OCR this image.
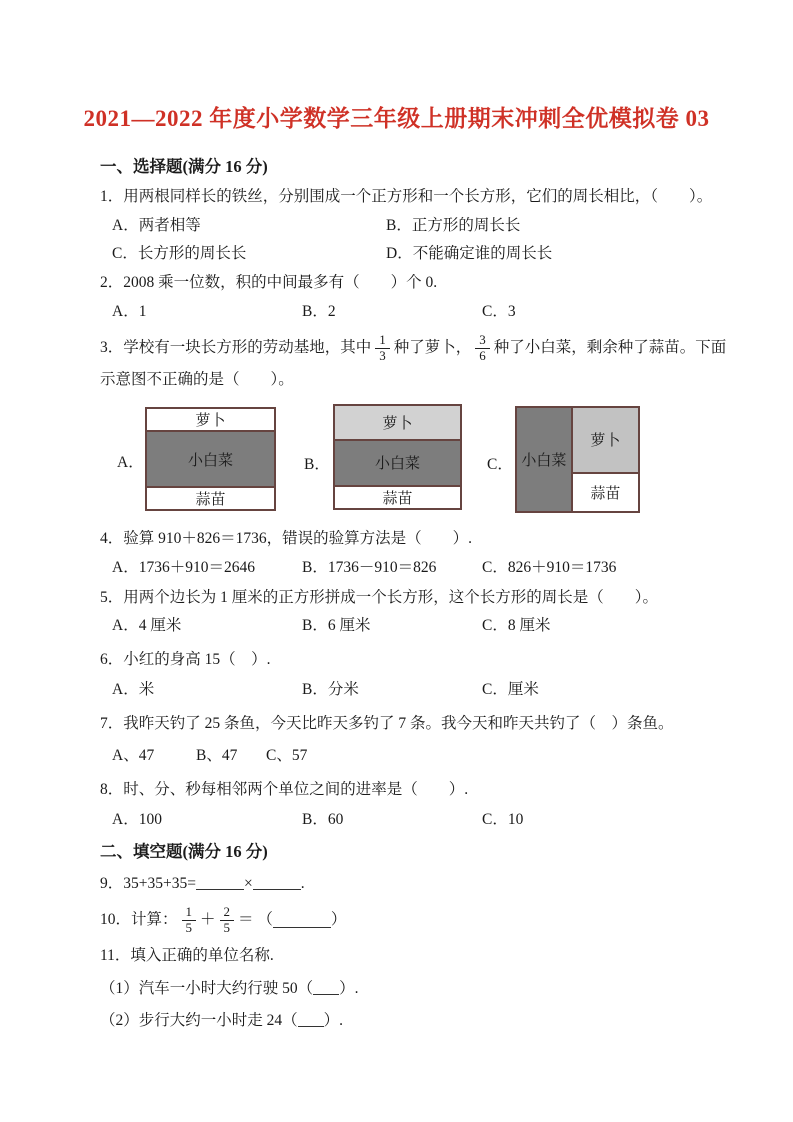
2021—2022 年度小学数学三年级上册期末冲刺全优模拟卷 03
一、选择题(满分 16 分)
1．用两根同样长的铁丝，分别围成一个正方形和一个长方形，它们的周长相比，（　　）。
A．两者相等	B．正方形的周长长
C．长方形的周长长	D．不能确定谁的周长长
2．2008 乘一位数，积的中间最多有（　　）个 0.
A．1	B．2	C．3
3．学校有一块长方形的劳动基地，其中 $\frac{1}{3}$ 种了萝卜， $\frac{3}{6}$ 种了小白菜，剩余种了蒜苗。下面
示意图不正确的是（　　）。
A．
萝卜
小白菜
蒜苗
B．
萝卜
小白菜
蒜苗
C． 小白菜
萝卜
蒜苗
4．验算 910＋826＝1736，错误的验算方法是（　　）.
A．1736＋910＝2646	B．1736－910＝826	C．826＋910＝1736
5．用两个边长为 1 厘米的正方形拼成一个长方形，这个长方形的周长是（　　）。
A．4 厘米	B．6 厘米	C．8 厘米
6．小红的身高 15（　）.
A．米	B．分米	C．厘米
7．我昨天钓了 25 条鱼，今天比昨天多钓了 7 条。我今天和昨天共钓了（　）条鱼。
A、47	B、47 C、57
8．时、分、秒每相邻两个单位之间的进率是（　　）.
A．100	B．60	C．10
二、填空题(满分 16 分)
9．35+35+35=	×	.
10．计算： $\frac{1}{5} + \frac{2}{5}$ ＝ （	）
11．填入正确的单位名称.
（1）汽车一小时大约行驶 50（ ）.
（2）步行大约一小时走 24（ ）.
